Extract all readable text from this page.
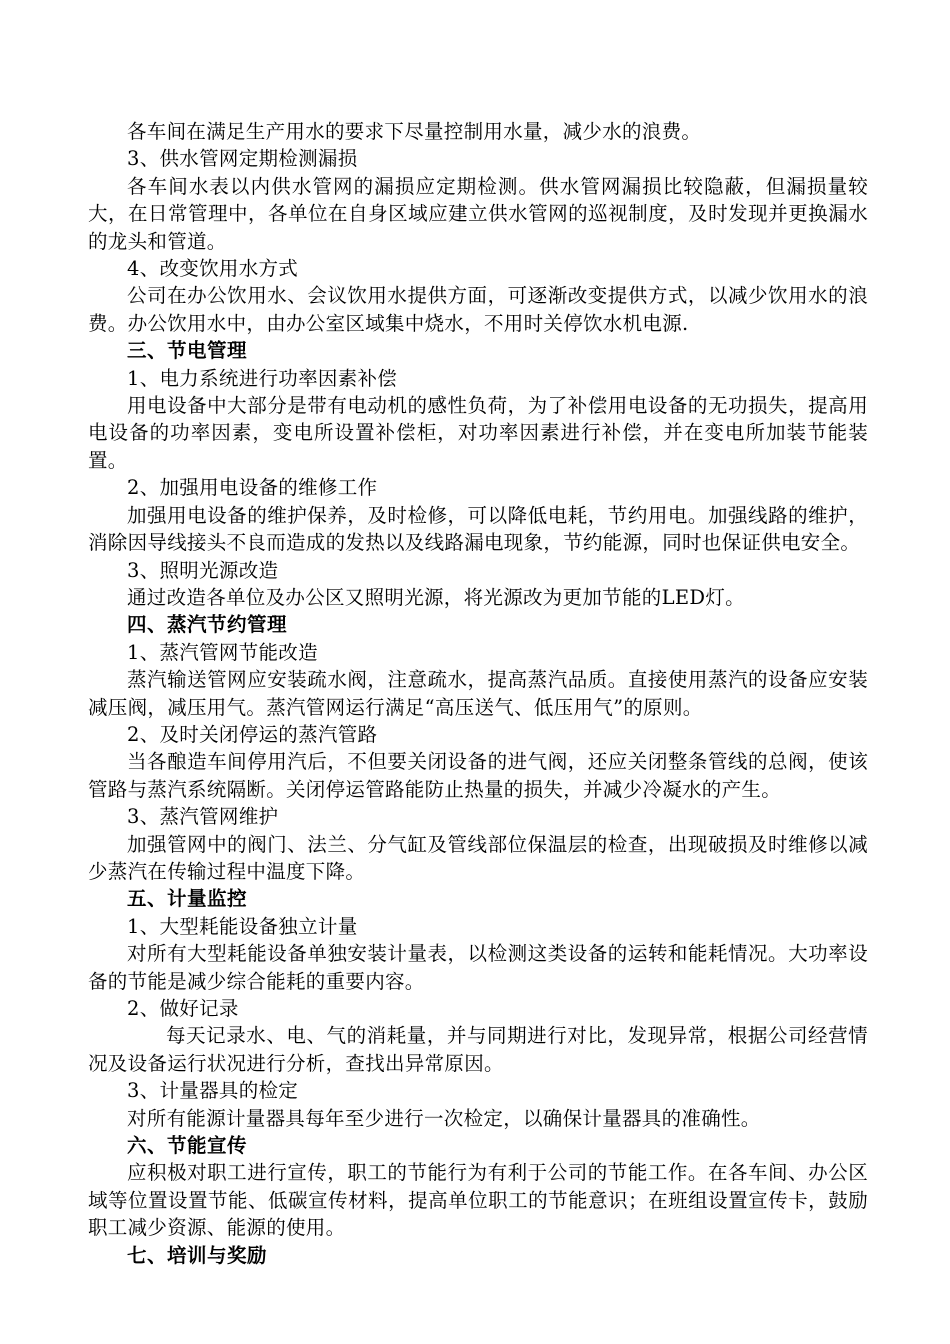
各车间在满足生产用水的要求下尽量控制用水量，减少水的浪费。

3、供水管网定期检测漏损

各车间水表以内供水管网的漏损应定期检测。供水管网漏损比较隐蔽，但漏损量较大，在日常管理中，各单位在自身区域应建立供水管网的巡视制度，及时发现并更换漏水的龙头和管道。

4、改变饮用水方式

公司在办公饮用水、会议饮用水提供方面，可逐渐改变提供方式，以减少饮用水的浪费。办公饮用水中，由办公室区域集中烧水，不用时关停饮水机电源.

三、节电管理

1、电力系统进行功率因素补偿

用电设备中大部分是带有电动机的感性负荷，为了补偿用电设备的无功损失，提高用电设备的功率因素，变电所设置补偿柜，对功率因素进行补偿，并在变电所加装节能装置。

2、加强用电设备的维修工作

加强用电设备的维护保养，及时检修，可以降低电耗，节约用电。加强线路的维护，消除因导线接头不良而造成的发热以及线路漏电现象，节约能源，同时也保证供电安全。

3、照明光源改造

通过改造各单位及办公区又照明光源，将光源改为更加节能的LED灯。

四、蒸汽节约管理

1、蒸汽管网节能改造

蒸汽输送管网应安装疏水阀，注意疏水，提高蒸汽品质。直接使用蒸汽的设备应安装减压阀，减压用气。蒸汽管网运行满足“高压送气、低压用气”的原则。

2、及时关闭停运的蒸汽管路

当各酿造车间停用汽后，不但要关闭设备的进气阀，还应关闭整条管线的总阀，使该管路与蒸汽系统隔断。关闭停运管路能防止热量的损失，并减少冷凝水的产生。

3、蒸汽管网维护

加强管网中的阀门、法兰、分气缸及管线部位保温层的检查，出现破损及时维修以减少蒸汽在传输过程中温度下降。

五、计量监控

1、大型耗能设备独立计量

对所有大型耗能设备单独安装计量表，以检测这类设备的运转和能耗情况。大功率设备的节能是减少综合能耗的重要内容。

2、做好记录

每天记录水、电、气的消耗量，并与同期进行对比，发现异常，根据公司经营情况及设备运行状况进行分析，查找出异常原因。

3、计量器具的检定

对所有能源计量器具每年至少进行一次检定，以确保计量器具的准确性。

六、节能宣传

应积极对职工进行宣传，职工的节能行为有利于公司的节能工作。在各车间、办公区域等位置设置节能、低碳宣传材料，提高单位职工的节能意识；在班组设置宣传卡，鼓励职工减少资源、能源的使用。

七、培训与奖励
